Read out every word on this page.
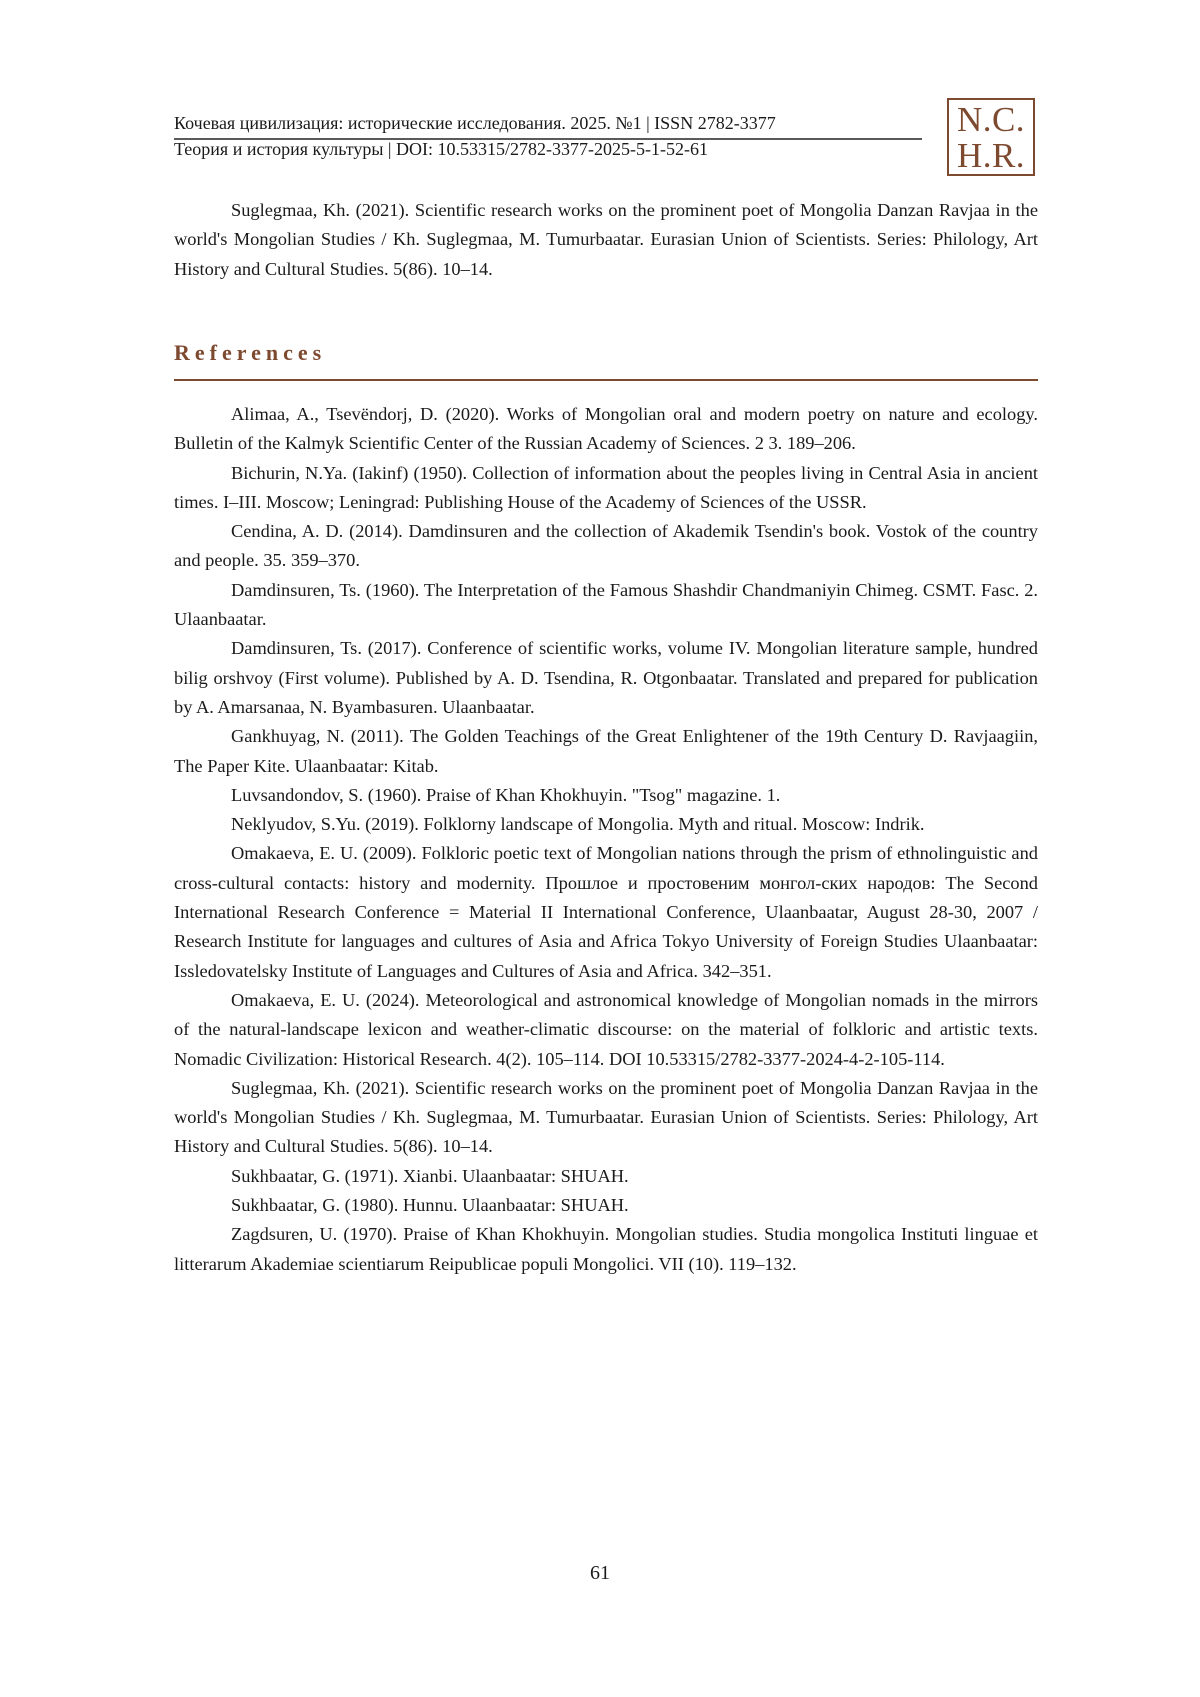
Кочевая цивилизация: исторические исследования. 2025. №1 | ISSN 2782-3377
Теория и история культуры | DOI: 10.53315/2782-3377-2025-5-1-52-61
N.C.
H.R.

Suglegmaa, Kh. (2021). Scientific research works on the prominent poet of Mongolia Danzan Ravjaa in the world's Mongolian Studies / Kh. Suglegmaa, M. Tumurbaatar. Eurasian Union of Scientists. Series: Philology, Art History and Cultural Studies. 5(86). 10–14.

References

Alimaa, A., Tsevёndorj, D. (2020). Works of Mongolian oral and modern poetry on nature and ecology. Bulletin of the Kalmyk Scientific Center of the Russian Academy of Sciences. 2 3. 189–206.

Bichurin, N.Ya. (Iakinf) (1950). Collection of information about the peoples living in Central Asia in ancient times. I–III. Moscow; Leningrad: Publishing House of the Academy of Sciences of the USSR.

Cendina, A. D. (2014). Damdinsuren and the collection of Akademik Tsendin's book. Vostok of the country and people. 35. 359–370.

Damdinsuren, Ts. (1960). The Interpretation of the Famous Shashdir Chandmaniyin Chimeg. CSMT. Fasc. 2. Ulaanbaatar.

Damdinsuren, Ts. (2017). Conference of scientific works, volume IV. Mongolian literature sample, hundred bilig orshvoy (First volume). Published by A. D. Tsendina, R. Otgonbaatar. Translated and prepared for publication by A. Amarsanaa, N. Byambasuren. Ulaanbaatar.

Gankhuyag, N. (2011). The Golden Teachings of the Great Enlightener of the 19th Century D. Ravjaagiin, The Paper Kite. Ulaanbaatar: Kitab.

Luvsandondov, S. (1960). Praise of Khan Khokhuyin. "Tsog" magazine. 1.

Neklyudov, S.Yu. (2019). Folklorny landscape of Mongolia. Myth and ritual. Moscow: Indrik.

Omakaeva, E. U. (2009). Folkloric poetic text of Mongolian nations through the prism of ethnolinguistic and cross-cultural contacts: history and modernity. Прошлое и простовеним монгол-ских народов: The Second International Research Conference = Material II International Conference, Ulaanbaatar, August 28-30, 2007 / Research Institute for languages and cultures of Asia and Africa Tokyo University of Foreign Studies Ulaanbaatar: Issledovatelsky Institute of Languages and Cultures of Asia and Africa. 342–351.

Omakaeva, E. U. (2024). Meteorological and astronomical knowledge of Mongolian nomads in the mirrors of the natural-landscape lexicon and weather-climatic discourse: on the material of folkloric and artistic texts. Nomadic Civilization: Historical Research. 4(2). 105–114. DOI 10.53315/2782-3377-2024-4-2-105-114.

Suglegmaa, Kh. (2021). Scientific research works on the prominent poet of Mongolia Danzan Ravjaa in the world's Mongolian Studies / Kh. Suglegmaa, M. Tumurbaatar. Eurasian Union of Scientists. Series: Philology, Art History and Cultural Studies. 5(86). 10–14.

Sukhbaatar, G. (1971). Xianbi. Ulaanbaatar: SHUAH.

Sukhbaatar, G. (1980). Hunnu. Ulaanbaatar: SHUAH.

Zagdsuren, U. (1970). Praise of Khan Khokhuyin. Mongolian studies. Studia mongolica Instituti linguae et litterarum Akademiae scientiarum Reipublicae populi Mongolici. VII (10). 119–132.

61
